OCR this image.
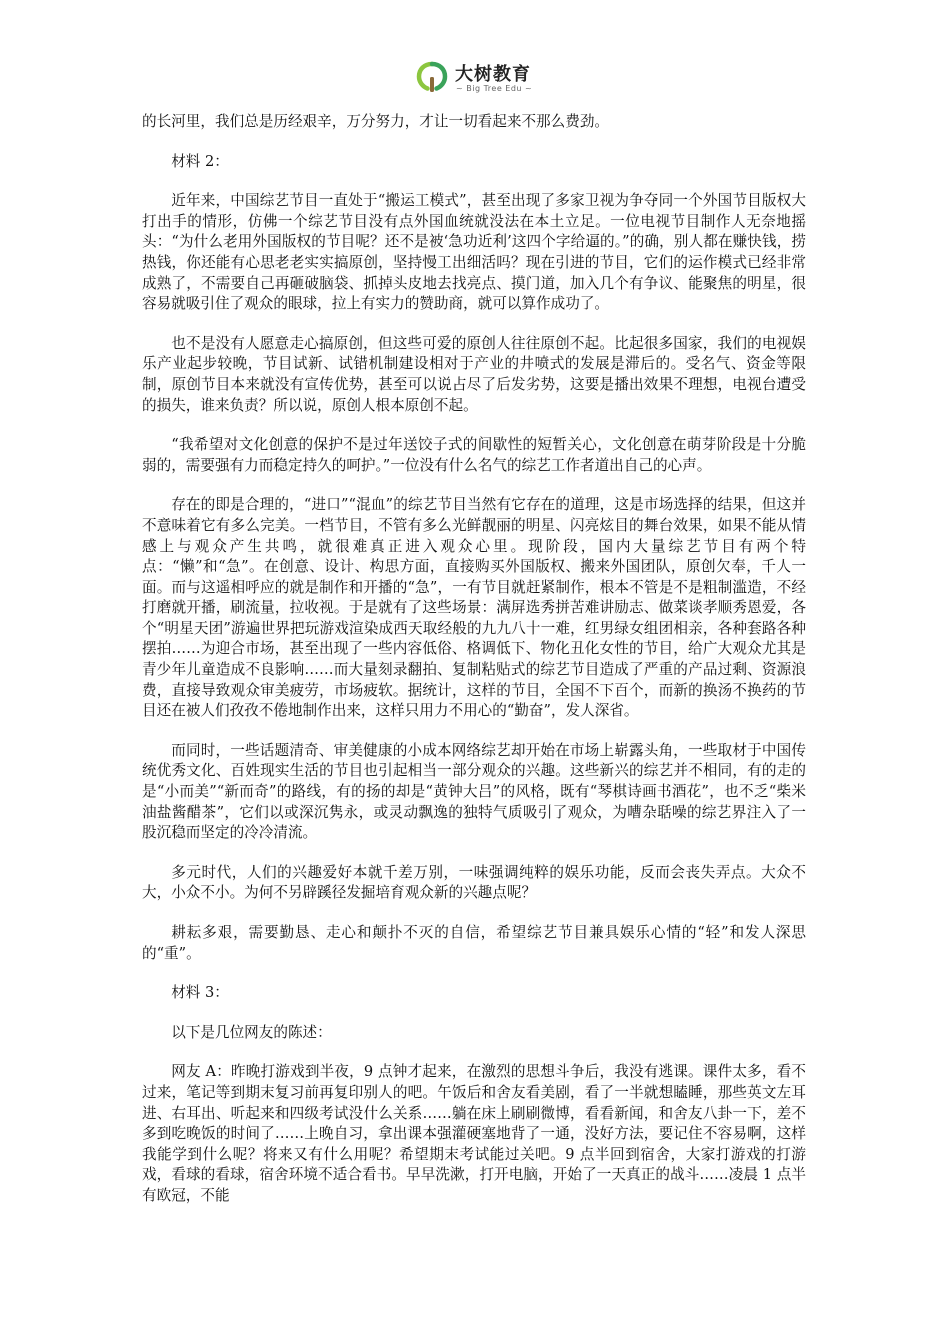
大树教育
~ Big Tree Edu ~

的长河里，我们总是历经艰辛，万分努力，才让一切看起来不那么费劲。

材料 2：

近年来，中国综艺节目一直处于“搬运工模式”，甚至出现了多家卫视为争夺同一个外国节目版权大打出手的情形，仿佛一个综艺节目没有点外国血统就没法在本土立足。一位电视节目制作人无奈地摇头：“为什么老用外国版权的节目呢？还不是被‘急功近利’这四个字给逼的。”的确，别人都在赚快钱，捞热钱，你还能有心思老老实实搞原创，坚持慢工出细活吗？现在引进的节目，它们的运作模式已经非常成熟了，不需要自己再砸破脑袋、抓掉头皮地去找亮点、摸门道，加入几个有争议、能聚焦的明星，很容易就吸引住了观众的眼球，拉上有实力的赞助商，就可以算作成功了。

也不是没有人愿意走心搞原创，但这些可爱的原创人往往原创不起。比起很多国家，我们的电视娱乐产业起步较晚，节目试新、试错机制建设相对于产业的井喷式的发展是滞后的。受名气、资金等限制，原创节目本来就没有宣传优势，甚至可以说占尽了后发劣势，这要是播出效果不理想，电视台遭受的损失，谁来负责？所以说，原创人根本原创不起。

“我希望对文化创意的保护不是过年送饺子式的间歇性的短暂关心，文化创意在萌芽阶段是十分脆弱的，需要强有力而稳定持久的呵护。”一位没有什么名气的综艺工作者道出自己的心声。

存在的即是合理的，“进口”“混血”的综艺节目当然有它存在的道理，这是市场选择的结果，但这并不意味着它有多么完美。一档节目，不管有多么光鲜靓丽的明星、闪亮炫目的舞台效果，如果不能从情感上与观众产生共鸣，就很难真正进入观众心里。现阶段，国内大量综艺节目有两个特点：“懒”和“急”。在创意、设计、构思方面，直接购买外国版权、搬来外国团队，原创欠奉，千人一面。而与这遥相呼应的就是制作和开播的“急”，一有节目就赶紧制作，根本不管是不是粗制滥造，不经打磨就开播，刷流量，拉收视。于是就有了这些场景：满屏选秀拼苦难讲励志、做菜谈孝顺秀恩爱，各个“明星天团”游遍世界把玩游戏渲染成西天取经般的九九八十一难，红男绿女组团相亲，各种套路各种摆拍……为迎合市场，甚至出现了一些内容低俗、格调低下、物化丑化女性的节目，给广大观众尤其是青少年儿童造成不良影响……而大量刻录翻拍、复制粘贴式的综艺节目造成了严重的产品过剩、资源浪费，直接导致观众审美疲劳，市场疲软。据统计，这样的节目，全国不下百个，而新的换汤不换药的节目还在被人们孜孜不倦地制作出来，这样只用力不用心的“勤奋”，发人深省。

而同时，一些话题清奇、审美健康的小成本网络综艺却开始在市场上崭露头角，一些取材于中国传统优秀文化、百姓现实生活的节目也引起相当一部分观众的兴趣。这些新兴的综艺并不相同，有的走的是“小而美”“新而奇”的路线，有的扬的却是“黄钟大吕”的风格，既有“琴棋诗画书酒花”，也不乏“柴米油盐酱醋茶”，它们以或深沉隽永，或灵动飘逸的独特气质吸引了观众，为嘈杂聒噪的综艺界注入了一股沉稳而坚定的冷冷清流。

多元时代，人们的兴趣爱好本就千差万别，一味强调纯粹的娱乐功能，反而会丧失弄点。大众不大，小众不小。为何不另辟蹊径发掘培育观众新的兴趣点呢？

耕耘多艰，需要勤恳、走心和颠扑不灭的自信，希望综艺节目兼具娱乐心情的“轻”和发人深思的“重”。

材料 3：

以下是几位网友的陈述：

网友 A：昨晚打游戏到半夜，9 点钟才起来，在激烈的思想斗争后，我没有逃课。课件太多，看不过来，笔记等到期末复习前再复印别人的吧。午饭后和舍友看美剧，看了一半就想瞌睡，那些英文左耳进、右耳出、听起来和四级考试没什么关系……躺在床上刷刷微博，看看新闻，和舍友八卦一下，差不多到吃晚饭的时间了……上晚自习，拿出课本强灌硬塞地背了一通，没好方法，要记住不容易啊，这样我能学到什么呢？将来又有什么用呢？希望期末考试能过关吧。9 点半回到宿舍，大家打游戏的打游戏，看球的看球，宿舍环境不适合看书。早早洗漱，打开电脑，开始了一天真正的战斗……凌晨 1 点半有欧冠，不能
